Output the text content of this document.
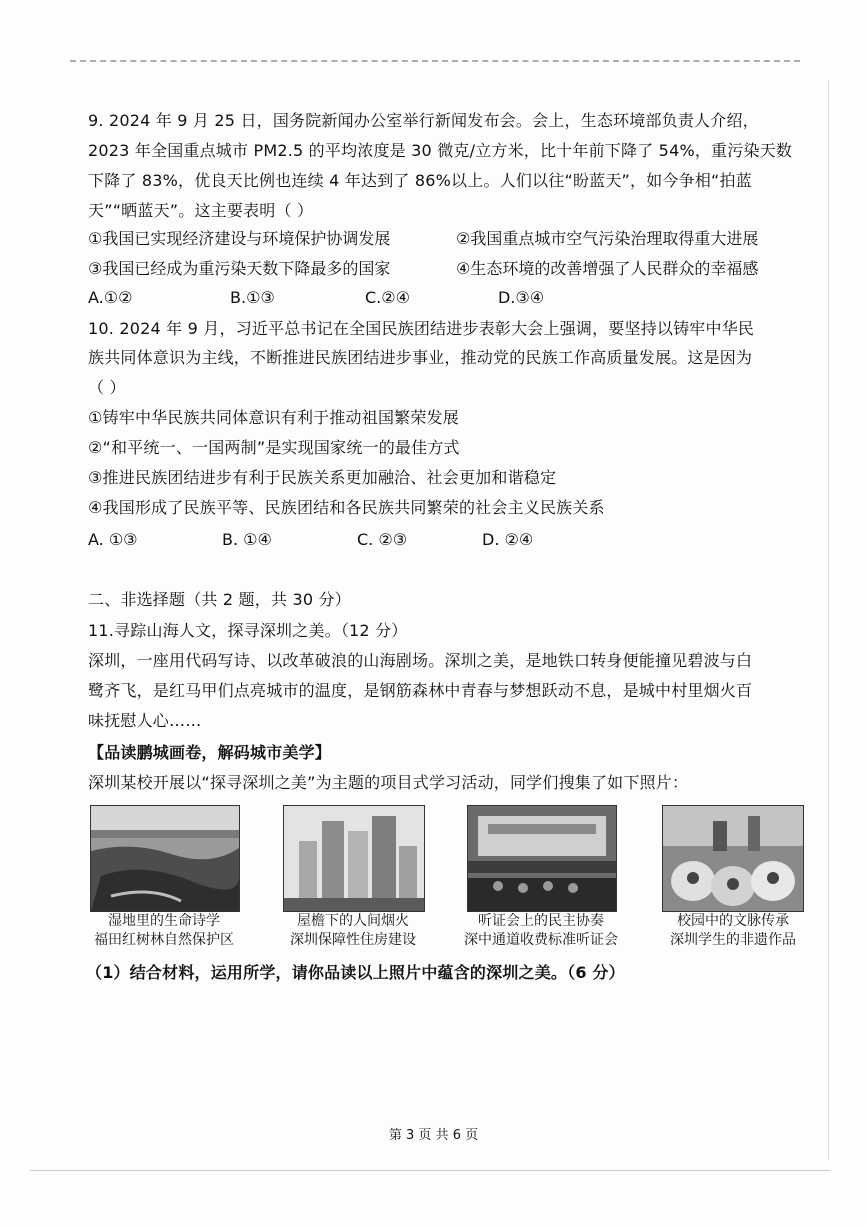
9. 2024 年 9 月 25 日，国务院新闻办公室举行新闻发布会。会上，生态环境部负责人介绍，
2023 年全国重点城市 PM2.5 的平均浓度是 30 微克/立方米，比十年前下降了 54%，重污染天数
下降了 83%，优良天比例也连续 4 年达到了 86%以上。人们以往“盼蓝天”，如今争相“拍蓝
天”“晒蓝天”。这主要表明（ ）
①我国已实现经济建设与环境保护协调发展	②我国重点城市空气污染治理取得重大进展
③我国已经成为重污染天数下降最多的国家	④生态环境的改善增强了人民群众的幸福感
A.①②	B.①③	C.②④	D.③④
10. 2024 年 9 月，习近平总书记在全国民族团结进步表彰大会上强调，要坚持以铸牢中华民
族共同体意识为主线，不断推进民族团结进步事业，推动党的民族工作高质量发展。这是因为
（ ）
①铸牢中华民族共同体意识有利于推动祖国繁荣发展
②“和平统一、一国两制”是实现国家统一的最佳方式
③推进民族团结进步有利于民族关系更加融洽、社会更加和谐稳定
④我国形成了民族平等、民族团结和各民族共同繁荣的社会主义民族关系
A. ①③	B. ①④	C. ②③	D. ②④
二、非选择题（共 2 题，共 30 分）
11.寻踪山海人文，探寻深圳之美。（12 分）
深圳，一座用代码写诗、以改革破浪的山海剧场。深圳之美，是地铁口转身便能撞见碧波与白
鹭齐飞，是红马甲们点亮城市的温度，是钢筋森林中青春与梦想跃动不息，是城中村里烟火百
味抚慰人心……
【品读鹏城画卷，解码城市美学】
深圳某校开展以“探寻深圳之美”为主题的项目式学习活动，同学们搜集了如下照片：
湿地里的生命诗学
福田红树林自然保护区
屋檐下的人间烟火
深圳保障性住房建设
听证会上的民主协奏
深中通道收费标准听证会
校园中的文脉传承
深圳学生的非遗作品
（1）结合材料，运用所学，请你品读以上照片中蕴含的深圳之美。（6 分）
第 3 页 共 6 页
